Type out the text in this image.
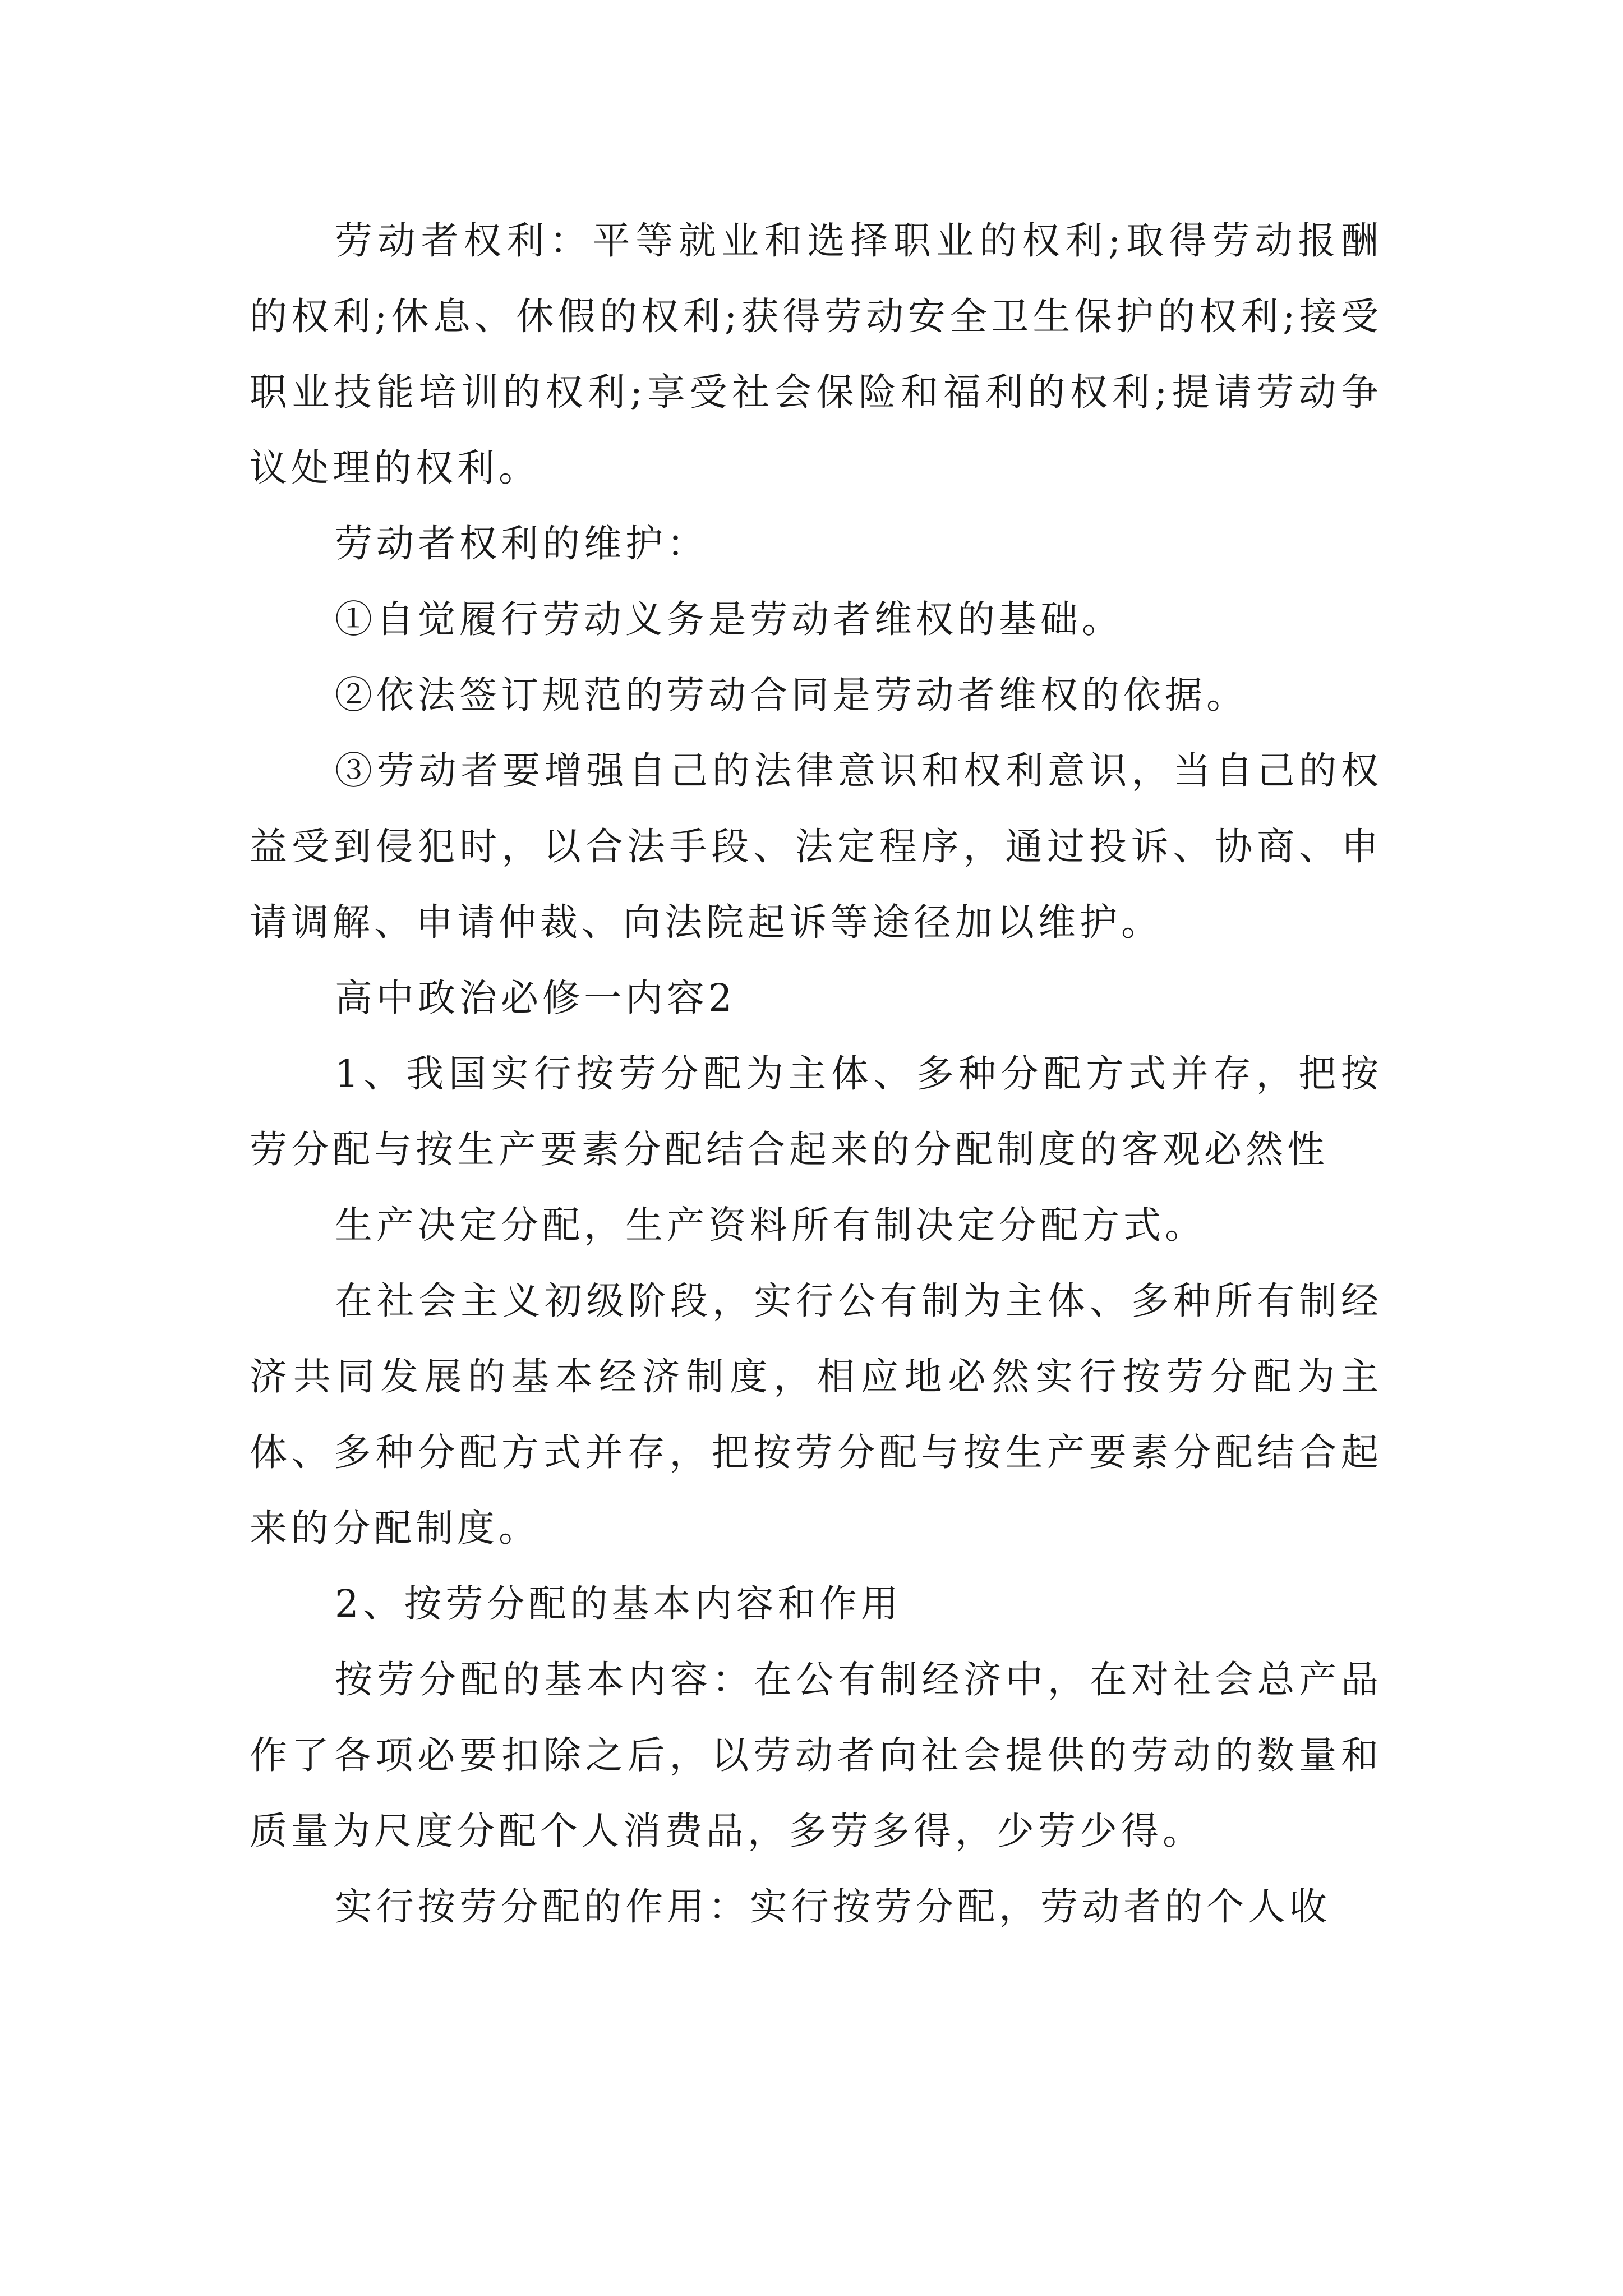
劳动者权利：平等就业和选择职业的权利;取得劳动报酬的权利;休息、休假的权利;获得劳动安全卫生保护的权利;接受职业技能培训的权利;享受社会保险和福利的权利;提请劳动争议处理的权利。

劳动者权利的维护：

①自觉履行劳动义务是劳动者维权的基础。

②依法签订规范的劳动合同是劳动者维权的依据。

③劳动者要增强自己的法律意识和权利意识，当自己的权益受到侵犯时，以合法手段、法定程序，通过投诉、协商、申请调解、申请仲裁、向法院起诉等途径加以维护。

高中政治必修一内容2

1、我国实行按劳分配为主体、多种分配方式并存，把按劳分配与按生产要素分配结合起来的分配制度的客观必然性

生产决定分配，生产资料所有制决定分配方式。

在社会主义初级阶段，实行公有制为主体、多种所有制经济共同发展的基本经济制度，相应地必然实行按劳分配为主体、多种分配方式并存，把按劳分配与按生产要素分配结合起来的分配制度。

2、按劳分配的基本内容和作用

按劳分配的基本内容：在公有制经济中，在对社会总产品作了各项必要扣除之后，以劳动者向社会提供的劳动的数量和质量为尺度分配个人消费品，多劳多得，少劳少得。

实行按劳分配的作用：实行按劳分配，劳动者的个人收
